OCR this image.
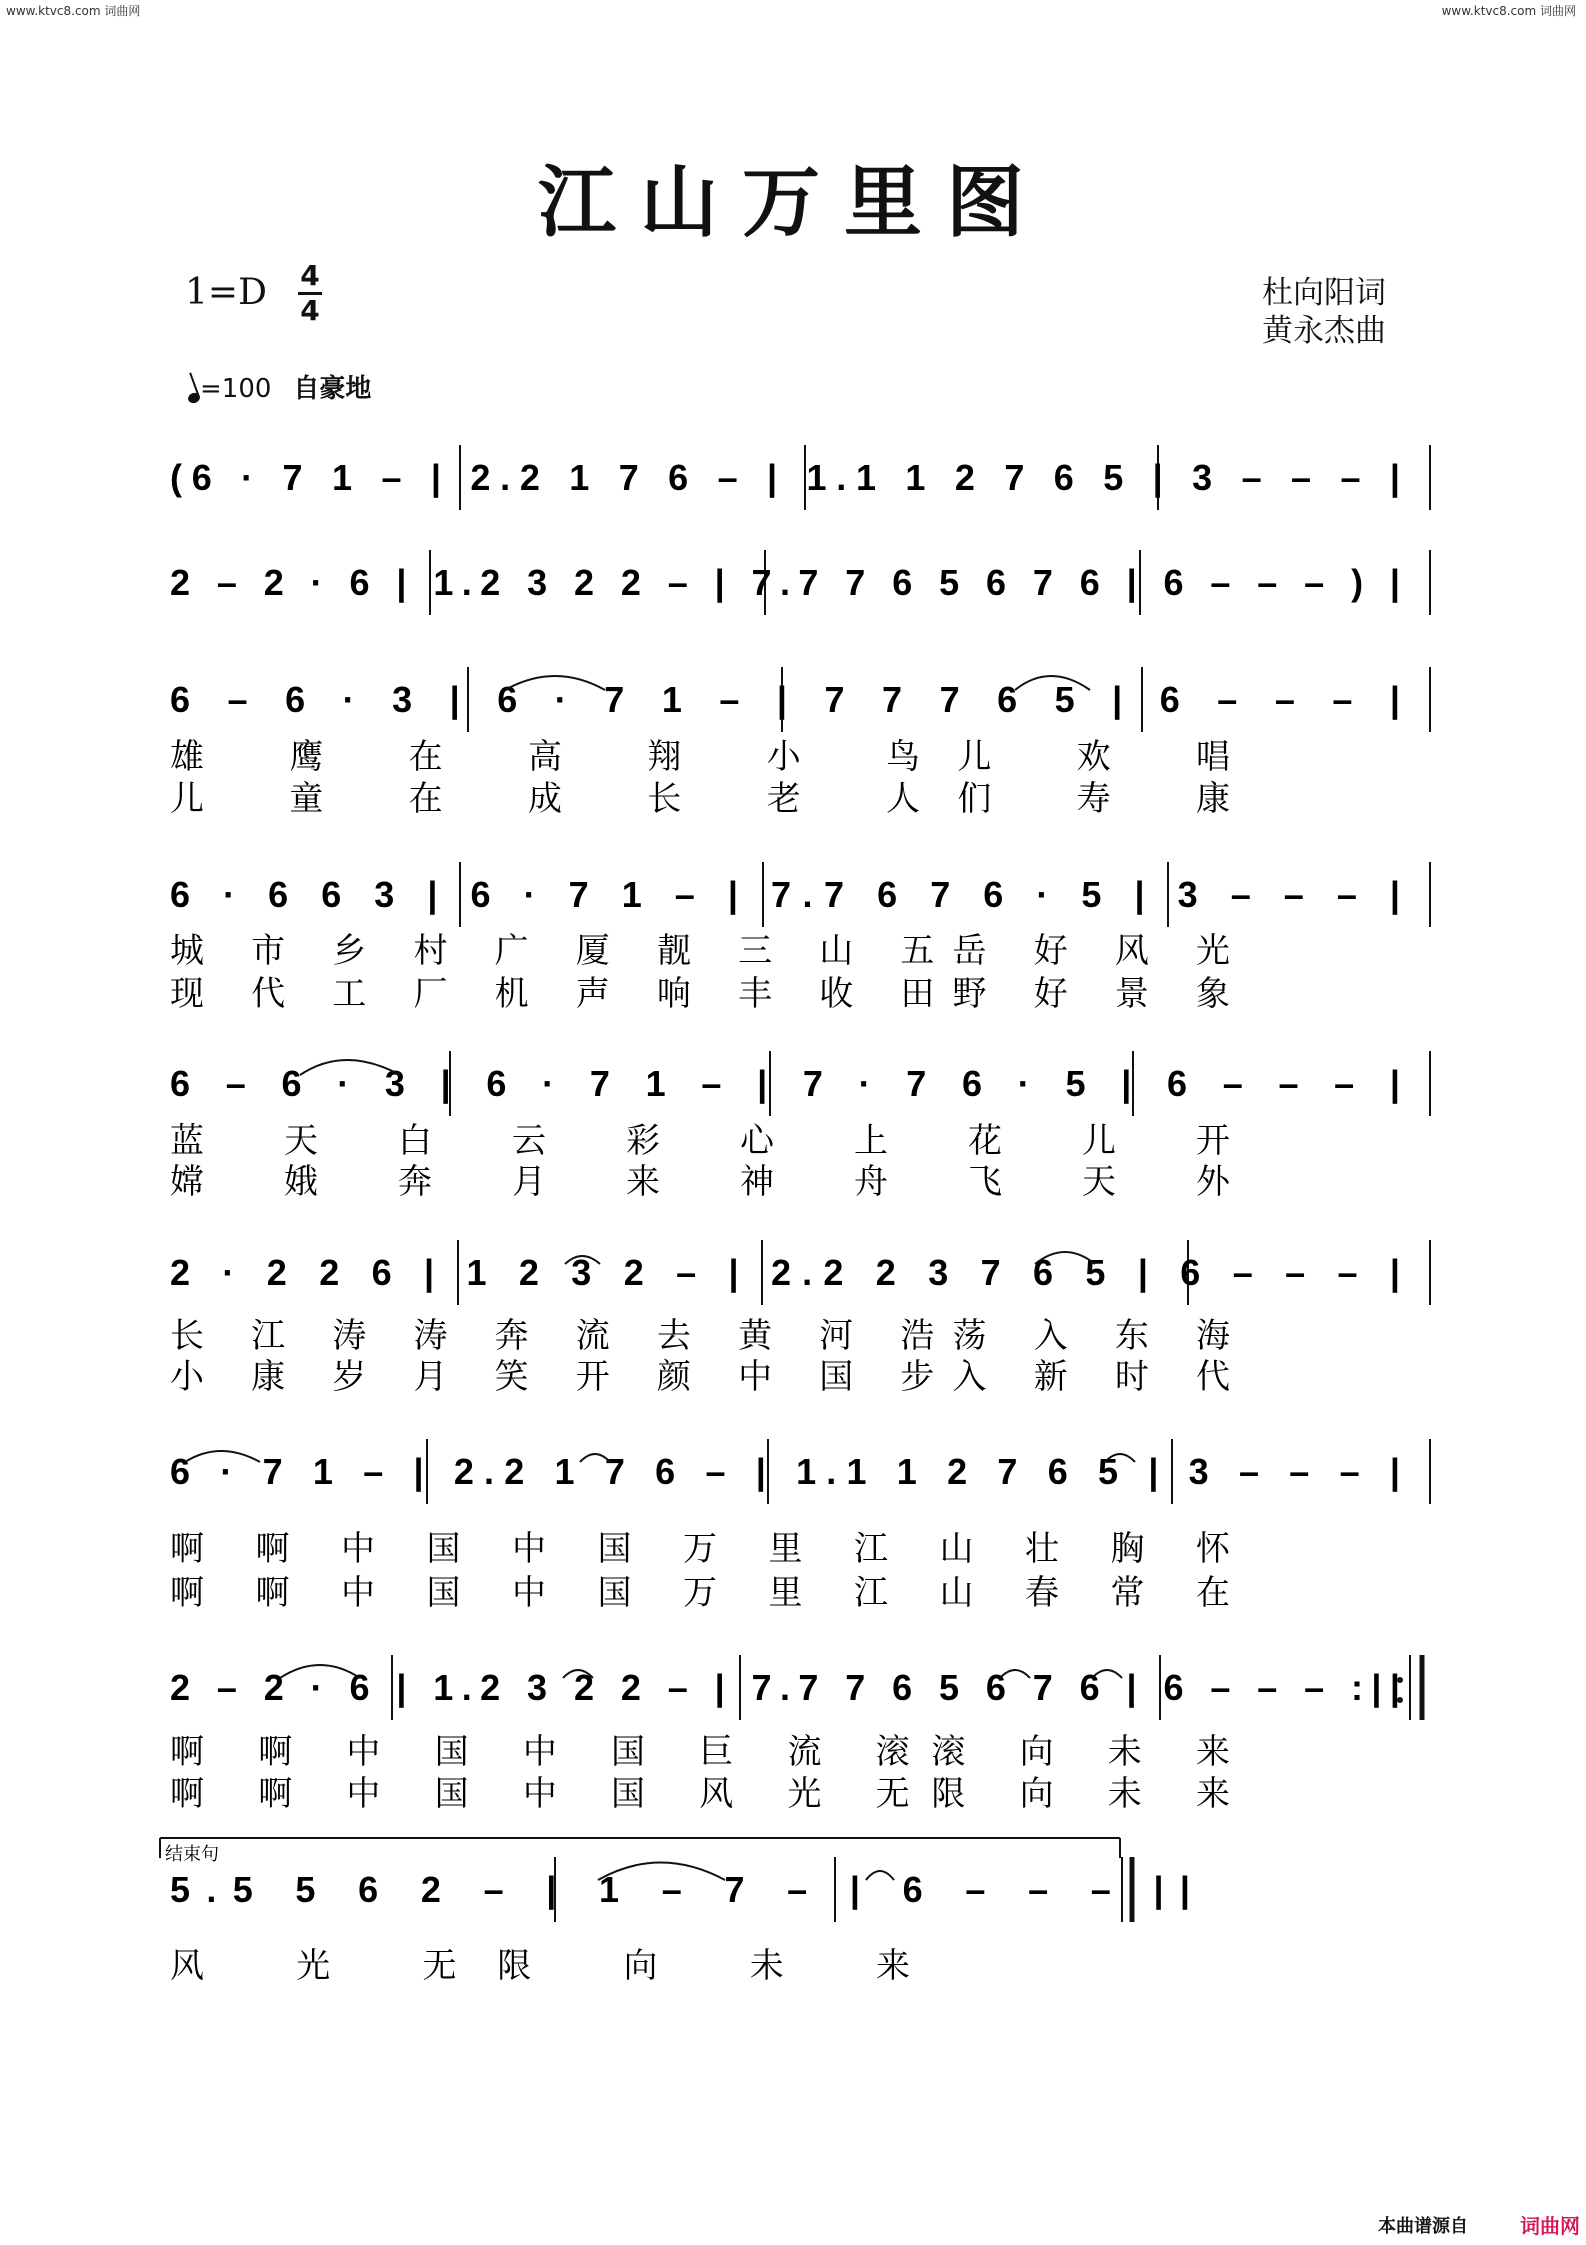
www.ktvc8.com 词曲网	www.ktvc8.com 词曲网
江山万里图
1=D 4
4	杜向阳词
黄永杰曲
=100 自豪地
(6 · 7 1 – | 2.2 1 7 6 – | 1.1 1 2 7 6 5 | 3 – – – |
2 – 2 · 6 | 1.2 3 2 2 – | 7.7 7 6 5 6 7 6 | 6 – – – ) |
6 – 6 · 3 | 6 · 7 1 – | 7 7 7 6 5 | 6 – – – |
雄 鹰 在 高 翔 小 鸟儿 欢 唱
儿 童 在 成 长 老 人们 寿 康
6 · 6 6 3 | 6 · 7 1 – | 7.7 6 7 6 · 5 | 3 – – – |
城 市 乡 村 广 厦 靓 三 山 五岳 好 风 光
现 代 工 厂 机 声 响 丰 收 田野 好 景 象
6 – 6 · 3 | 6 · 7 1 – | 7 · 7 6 · 5 | 6 – – – |
蓝 天 白 云 彩 心 上 花 儿 开
嫦 娥 奔 月 来 神 舟 飞 天 外
2 · 2 2 6 | 1 2 3 2 – | 2.2 2 3 7 6 5 | 6 – – – |
长 江 涛 涛 奔 流 去 黄 河 浩荡 入 东 海
小 康 岁 月 笑 开 颜 中 国 步入 新 时 代
6 · 7 1 – | 2.2 1 7 6 – | 1.1 1 2 7 6 5 | 3 – – – |
啊 啊 中 国 中 国 万 里 江 山 壮 胸 怀
啊 啊 中 国 中 国 万 里 江 山 春 常 在
2 – 2 · 6 | 1.2 3 2 2 – | 7.7 7 6 5 6 7 6 | 6 – – – :||
啊 啊 中 国 中 国 巨 流 滚滚 向 未 来
啊 啊 中 国 中 国 风 光 无限 向 未 来
结束句
5.5 5 6 2 – | 1 – 7 – | 6 – – – ||
风 光 无限 向 未 来
本曲谱源自	词曲网
